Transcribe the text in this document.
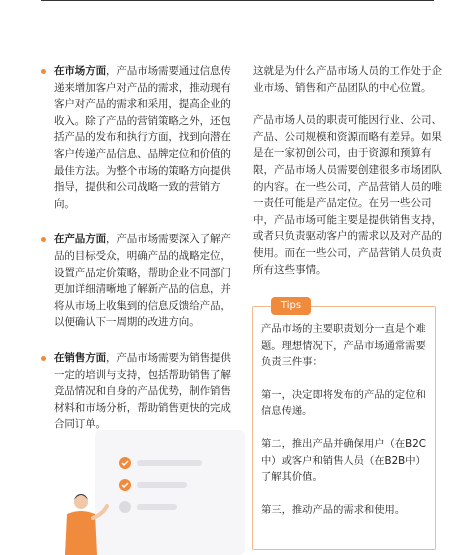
在市场方面，产品市场需要通过信息传递来增加客户对产品的需求，推动现有客户对产品的需求和采用，提高企业的收入。除了产品的营销策略之外，还包括产品的发布和执行方面，找到向潜在客户传递产品信息、品牌定位和价值的最佳方法。为整个市场的策略方向提供指导，提供和公司战略一致的营销方向。
在产品方面，产品市场需要深入了解产品的目标受众，明确产品的战略定位，设置产品定价策略，帮助企业不同部门更加详细清晰地了解新产品的信息，并将从市场上收集到的信息反馈给产品，以便确认下一周期的改进方向。
在销售方面，产品市场需要为销售提供一定的培训与支持，包括帮助销售了解竞品情况和自身的产品优势，制作销售材料和市场分析，帮助销售更快的完成合同订单。

这就是为什么产品市场人员的工作处于企业市场、销售和产品团队的中心位置。

产品市场人员的职责可能因行业、公司、产品、公司规模和资源而略有差异。如果是在一家初创公司，由于资源和预算有限，产品市场人员需要创建很多市场团队的内容。在一些公司，产品营销人员的唯一责任可能是产品定位。在另一些公司中，产品市场可能主要是提供销售支持，或者只负责驱动客户的需求以及对产品的使用。而在一些公司，产品营销人员负责所有这些事情。

Tips

产品市场的主要职责划分一直是个难题。理想情况下，产品市场通常需要负责三件事：

第一，决定即将发布的产品的定位和信息传递。

第二，推出产品并确保用户（在B2C中）或客户和销售人员（在B2B中）了解其价值。

第三，推动产品的需求和使用。
